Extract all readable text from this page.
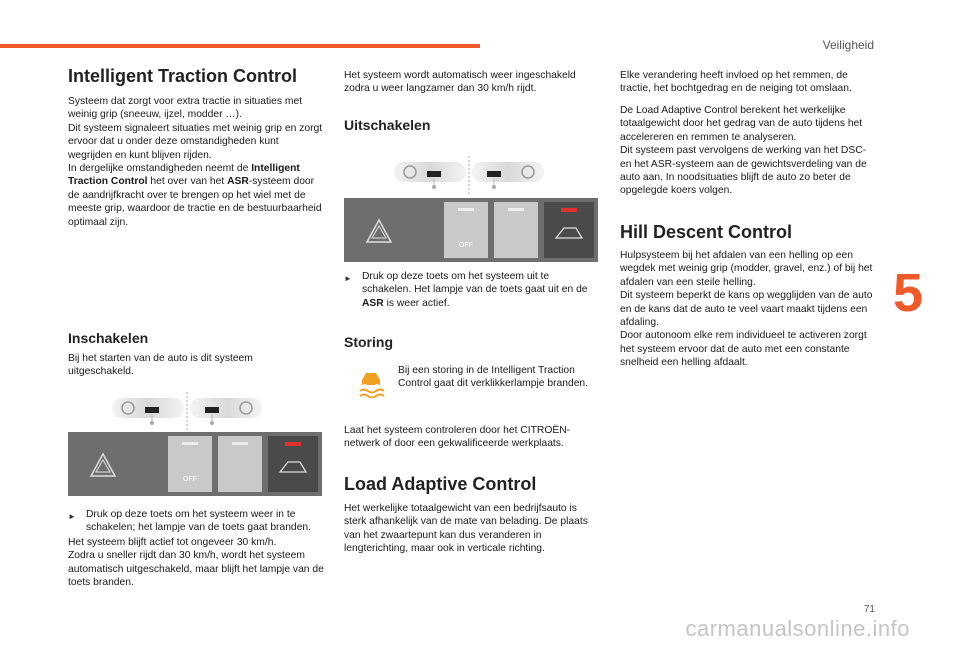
Veiligheid
5
71
carmanualsonline.info
Intelligent Traction Control

Systeem dat zorgt voor extra tractie in situaties met weinig grip (sneeuw, ijzel, modder …).
Dit systeem signaleert situaties met weinig grip en zorgt ervoor dat u onder deze omstandigheden kunt wegrijden en kunt blijven rijden.
In dergelijke omstandigheden neemt de Intelligent Traction Control het over van het ASR-systeem door de aandrijfkracht over te brengen op het wiel met de meeste grip, waardoor de tractie en de bestuurbaarheid optimaal zijn.

Inschakelen

Bij het starten van de auto is dit systeem uitgeschakeld.

OFF
► Druk op deze toets om het systeem weer in te schakelen; het lampje van de toets gaat branden.

Het systeem blijft actief tot ongeveer 30 km/h.
Zodra u sneller rijdt dan 30 km/h, wordt het systeem automatisch uitgeschakeld, maar blijft het lampje van de toets branden.

Het systeem wordt automatisch weer ingeschakeld zodra u weer langzamer dan 30 km/h rijdt.

Uitschakelen
OFF
► Druk op deze toets om het systeem uit te schakelen. Het lampje van de toets gaat uit en de ASR is weer actief.
Storing

Bij een storing in de Intelligent Traction Control gaat dit verklikkerlampje branden.

Laat het systeem controleren door het CITROËN-netwerk of door een gekwalificeerde werkplaats.

Load Adaptive Control

Het werkelijke totaalgewicht van een bedrijfsauto is sterk afhankelijk van de mate van belading. De plaats van het zwaartepunt kan dus veranderen in lengterichting, maar ook in verticale richting.

Elke verandering heeft invloed op het remmen, de tractie, het bochtgedrag en de neiging tot omslaan.

De Load Adaptive Control berekent het werkelijke totaalgewicht door het gedrag van de auto tijdens het accelereren en remmen te analyseren.
Dit systeem past vervolgens de werking van het DSC- en het ASR-systeem aan de gewichtsverdeling van de auto aan. In noodsituaties blijft de auto zo beter de opgelegde koers volgen.

Hill Descent Control

Hulpsysteem bij het afdalen van een helling op een wegdek met weinig grip (modder, gravel, enz.) of bij het afdalen van een steile helling.
Dit systeem beperkt de kans op wegglijden van de auto en de kans dat de auto te veel vaart maakt tijdens een afdaling.
Door autonoom elke rem individueel te activeren zorgt het systeem ervoor dat de auto met een constante snelheid een helling afdaalt.
